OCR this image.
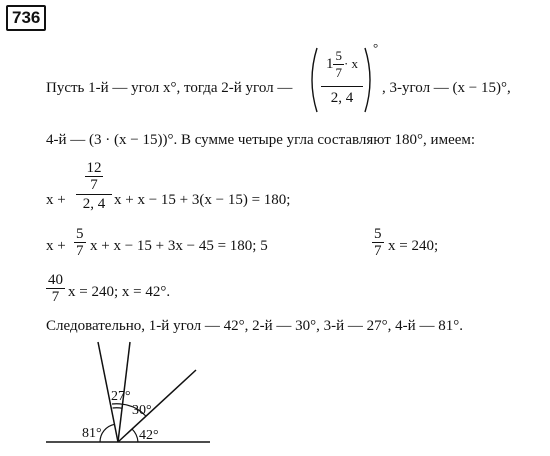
736
Пусть 1-й — угол x°, тогда 2-й угол —
$1 \frac{5}{7} \cdot x$
2, 4
°
, 3-угол — (x − 15)°,
4-й — (3 · (x − 15))°. В сумме четыре угла составляют 180°, имеем:
x +
12
7
2, 4 x + x − 15 + 3(x − 15) = 180;
$x + \frac{5}{7}$ x + x − 15 + 3x − 45 = 180; 5	$\frac{5}{7}$ x = 240;
$\frac{40}{7}$ x = 240; x = 42°.
Следовательно, 1-й угол — 42°, 2-й — 30°, 3-й — 27°, 4-й — 81°.
81°
27°
30°
42°
